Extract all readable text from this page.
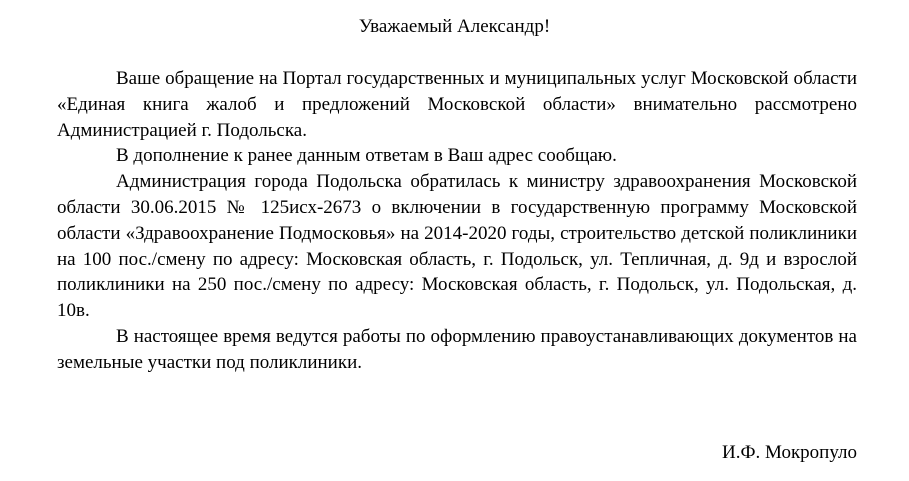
Уважаемый Александр!

Ваше обращение на Портал государственных и муниципальных услуг Московской области «Единая книга жалоб и предложений Московской области» внимательно рассмотрено Администрацией г. Подольска.

В дополнение к ранее данным ответам в Ваш адрес сообщаю.

Администрация города Подольска обратилась к министру здравоохранения Московской области 30.06.2015 № 125исх-2673 о включении в государственную программу Московской области «Здравоохранение Подмосковья» на 2014-2020 годы, строительство детской поликлиники на 100 пос./смену по адресу: Московская область, г. Подольск, ул. Тепличная, д. 9д и взрослой поликлиники на 250 пос./смену по адресу: Московская область, г. Подольск, ул. Подольская, д. 10в.

В настоящее время ведутся работы по оформлению правоустанавливающих документов на земельные участки под поликлиники.

И.Ф. Мокропуло
